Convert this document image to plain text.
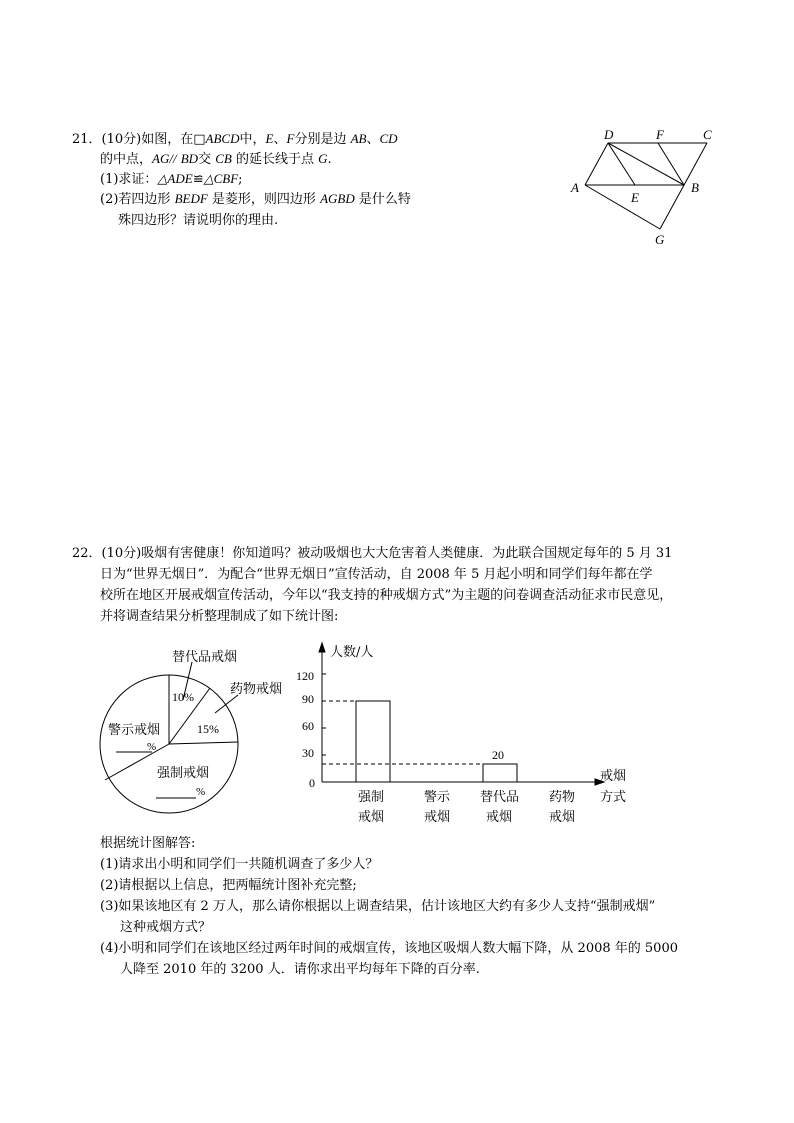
21．(10分)如图，在□ABCD中，E、F分别是边 AB、CD
的中点，AG// BD交 CB 的延长线于点 G.
(1)求证：△ADE≌△CBF;
(2)若四边形 BEDF 是菱形，则四边形 AGBD 是什么特
殊四边形？请说明你的理由.
D	F	C
A	B
E
G
22．(10分)吸烟有害健康！你知道吗？被动吸烟也大大危害着人类健康．为此联合国规定每年的 5 月 31
日为“世界无烟日”．为配合“世界无烟日”宣传活动，自 2008 年 5 月起小明和同学们每年都在学
校所在地区开展戒烟宣传活动，今年以“我支持的种戒烟方式”为主题的问卷调查活动征求市民意见，
并将调查结果分析整理制成了如下统计图:
替代品戒烟
药物戒烟
10%
15%
警示戒烟
%
强制戒烟
%
人数/人
0
30
60
90
120
强制
戒烟
警示
戒烟
替代品
戒烟
药物
戒烟
戒烟
方式
20
根据统计图解答:
(1)请求出小明和同学们一共随机调查了多少人？
(2)请根据以上信息，把两幅统计图补充完整;
(3)如果该地区有 2 万人，那么请你根据以上调查结果，估计该地区大约有多少人支持“强制戒烟”
这种戒烟方式？
(4)小明和同学们在该地区经过两年时间的戒烟宣传，该地区吸烟人数大幅下降，从 2008 年的 5000
人降至 2010 年的 3200 人．请你求出平均每年下降的百分率.
